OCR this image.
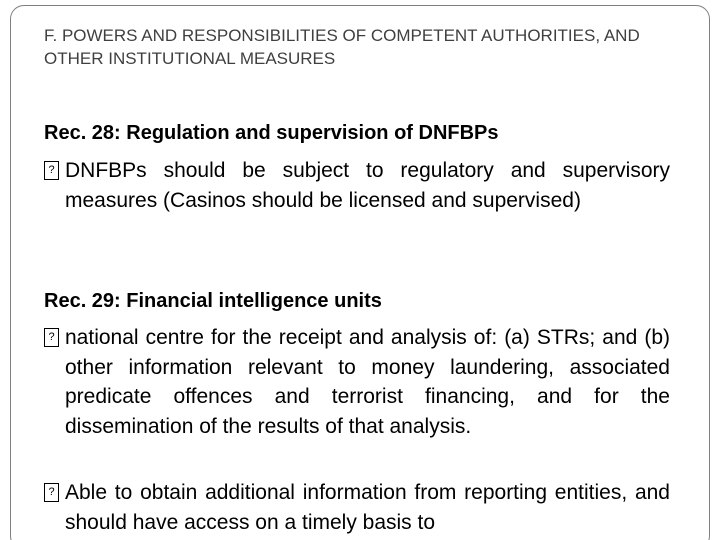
F. POWERS AND RESPONSIBILITIES OF COMPETENT AUTHORITIES, AND OTHER INSTITUTIONAL MEASURES
Rec. 28: Regulation and supervision of DNFBPs
? DNFBPs should be subject to regulatory and supervisory measures (Casinos should be licensed and supervised)
Rec. 29: Financial intelligence units
? national centre for the receipt and analysis of: (a) STRs; and (b) other information relevant to money laundering, associated predicate offences and terrorist financing, and for the dissemination of the results of that analysis.
? Able to obtain additional information from reporting entities, and should have access on a timely basis to
